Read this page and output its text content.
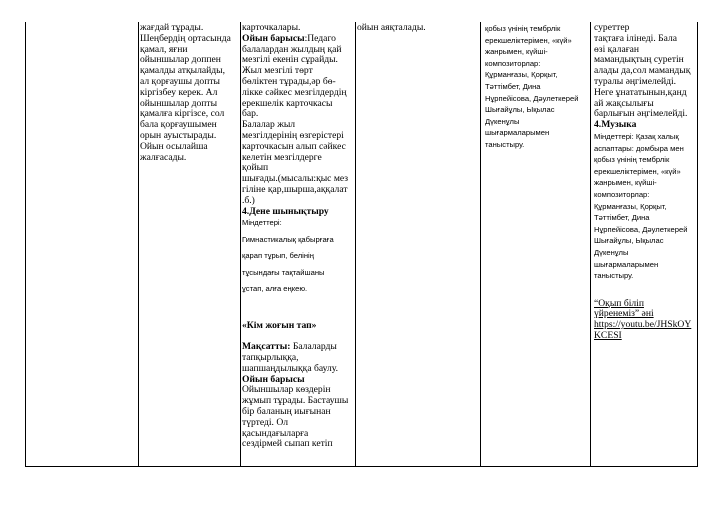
жағдай тұрады.
Шеңбердің ортасында
қамал, яғни
ойыншылар доппен
қамалды атқылайды,
ал қорғаушы допты
кіргізбеу керек. Ал
ойыншылар допты
қамалға кіргізсе, сол
бала қорғаушымен
орын ауыстырады.
Ойын осылайша
жалғасады.
карточкалары.
Ойын барысы:Педаго
балалардан жылдың қай
мезгілі екенін сұрайды.
Жыл мезгілі төрт
бөліктен тұрады,әр бө-
лікке сәйкес мезгілдердің
ерекшелік карточкасы
бар.
Балалар жыл
мезгілдерінің өзгерістері
карточкасын алып сәйкес
келетін мезгілдерге
қойып
шығады.(мысалы:қыс мез
гіліне қар,шырша,аққалат
.б.)
4.Дене шынықтыру
Міндеттері:
Гимнастикалық қабырғаға
қарап тұрып, белінің
тұсындағы тақтайшаны
ұстап, алға еңкею.
«Кім жоғын тап»
Мақсатты: Балаларды
тапқырлыққа,
шапшаңдылыққа баулу.
Ойын барысы
Ойыншылар көздерін
жұмып тұрады. Бастаушы
бір баланың иығынан
түртеді. Ол
қасындағыларға
сездірмей сыпап кетіп
ойын аяқталады.	қобыз үнінің тембрлік
ерекшеліктерімен, «күй»
жанрымен, күйші-
композиторлар:
Құрманғазы, Қорқыт,
Тәттімбет, Дина
Нұрпейісова, Дәулеткерей
Шығайұлы, Ықылас
Дүкенұлы
шығармаларымен
таныстыру.
суреттер
тақтаға ілінеді. Бала
өзі қалаған
мамандықтың суретін
алады да,сол мамандық
туралы әңгімелейді.
Неге ұнататынын,қанд
ай жақсылығы
барлығын әңгімелейді.
4.Музыка
Міндеттері: Қазақ халық
аспаптары: домбыра мен
қобыз үнінің тембрлік
ерекшеліктерімен, «күй»
жанрымен, күйші-
композиторлар:
Құрманғазы, Қорқыт,
Тәттімбет, Дина
Нұрпейісова, Дәулеткерей
Шығайұлы, Ықылас
Дүкенұлы
шығармаларымен
таныстыру.
“Оқып біліп
үйренеміз” әні
https://youtu.be/JHSkOY
KCESI
